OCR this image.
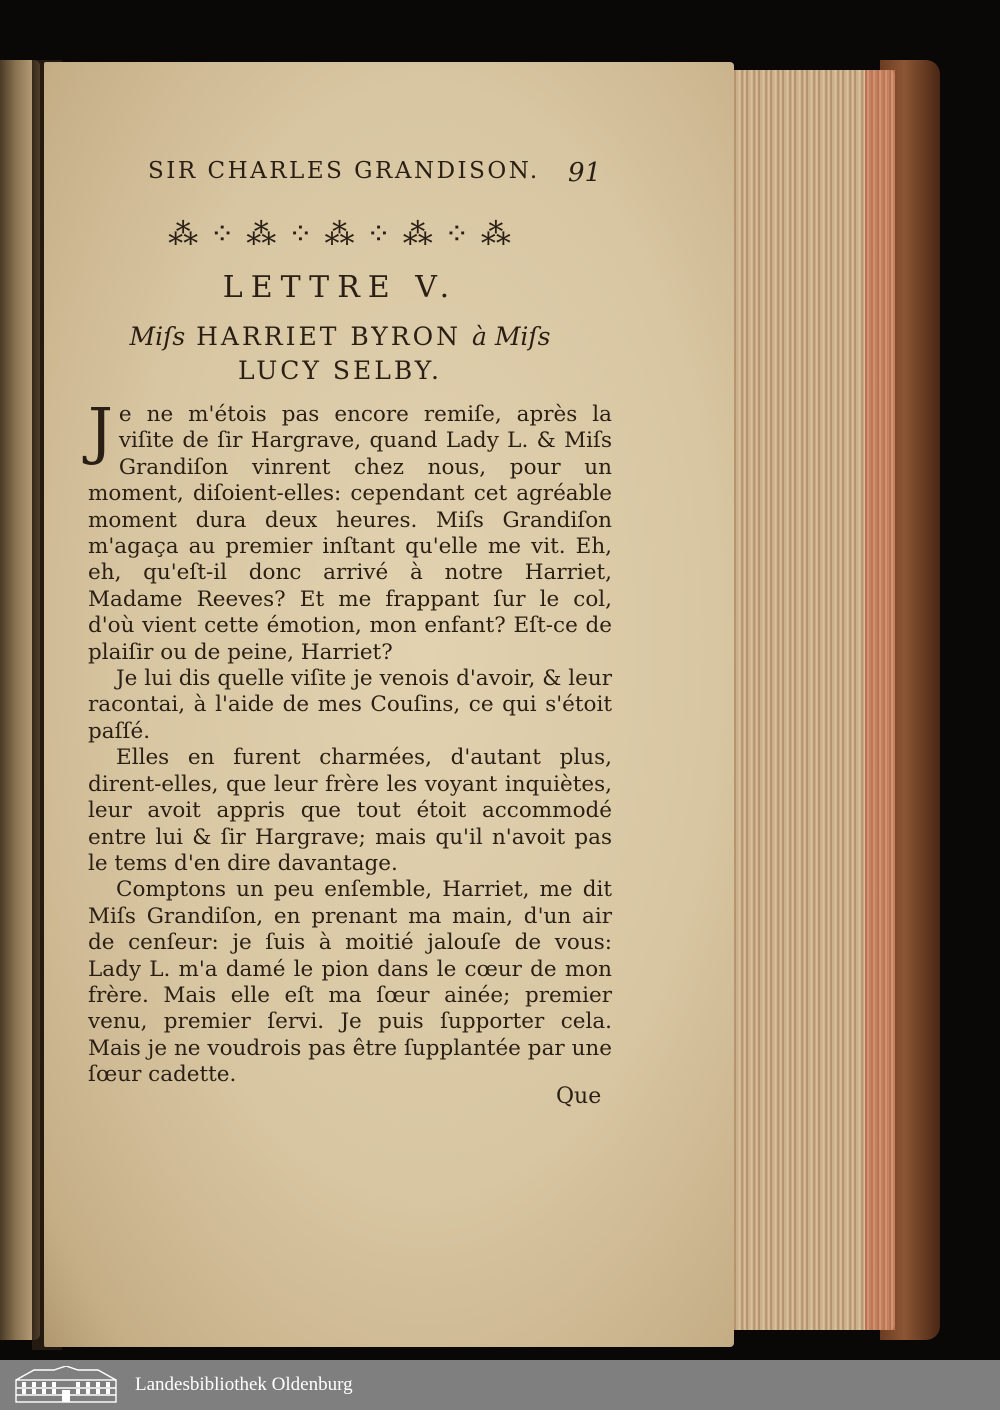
SIR CHARLES GRANDISON.	91
⁂ ⁘ ⁂ ⁘ ⁂ ⁘ ⁂ ⁘ ⁂
LETTRE V.
Miſs HARRIET BYRON à Miſs
LUCY SELBY.

J e ne m'étois pas encore remiſe, après la viſite de ſir Hargrave, quand Lady L. & Miſs Grandiſon vinrent chez nous, pour un moment, diſoient-elles: cependant cet agréable moment dura deux heures. Miſs Grandiſon m'agaça au premier inſtant qu'elle me vit. Eh, eh, qu'eſt-il donc arrivé à notre Harriet, Madame Reeves? Et me frappant ſur le col, d'où vient cette émotion, mon enfant? Eſt-ce de plaiſir ou de peine, Harriet?

Je lui dis quelle viſite je venois d'avoir, & leur racontai, à l'aide de mes Couſins, ce qui s'étoit paſſé.

Elles en furent charmées, d'autant plus, dirent-elles, que leur frère les voyant inquiètes, leur avoit appris que tout étoit accommodé entre lui & ſir Hargrave; mais qu'il n'avoit pas le tems d'en dire davantage.

Comptons un peu enſemble, Harriet, me dit Miſs Grandiſon, en prenant ma main, d'un air de cenſeur: je ſuis à moitié jalouſe de vous: Lady L. m'a damé le pion dans le cœur de mon frère. Mais elle eſt ma ſœur ainée; premier venu, premier ſervi. Je puis ſupporter cela. Mais je ne voudrois pas être ſupplantée par une ſœur cadette.

Que
Landesbibliothek Oldenburg
